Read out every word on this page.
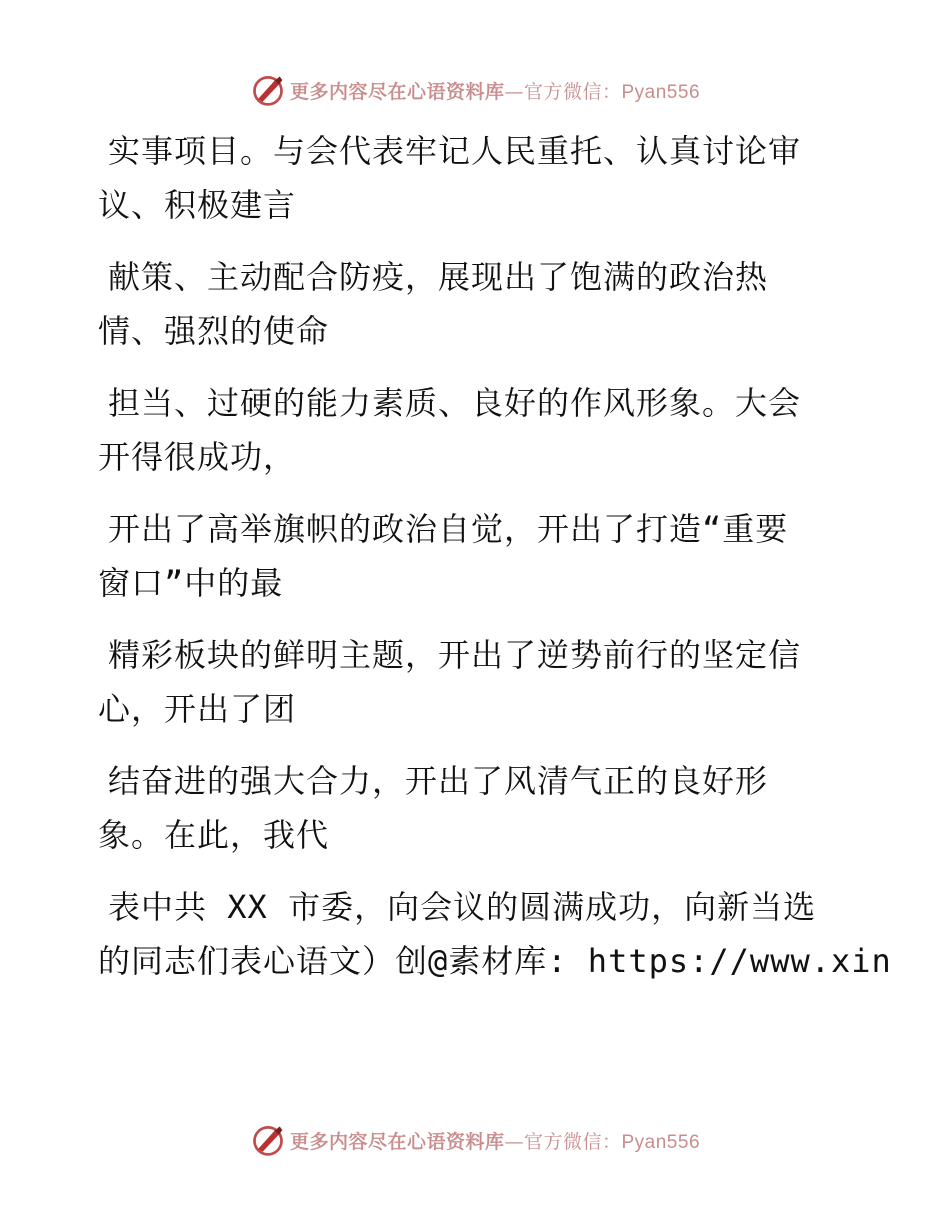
更多内容尽在心语资料库—官方微信：Pyan556
实事项目。与会代表牢记人民重托、认真讨论审
议、积极建言
献策、主动配合防疫，展现出了饱满的政治热
情、强烈的使命
担当、过硬的能力素质、良好的作风形象。大会
开得很成功，
开出了高举旗帜的政治自觉，开出了打造“重要
窗口”中的最
精彩板块的鲜明主题，开出了逆势前行的坚定信
心，开出了团
结奋进的强大合力，开出了风清气正的良好形
象。在此，我代
表中共 XX 市委，向会议的圆满成功，向新当选
的同志们表心语文）创@素材库: https://www.xin
更多内容尽在心语资料库—官方微信：Pyan556
